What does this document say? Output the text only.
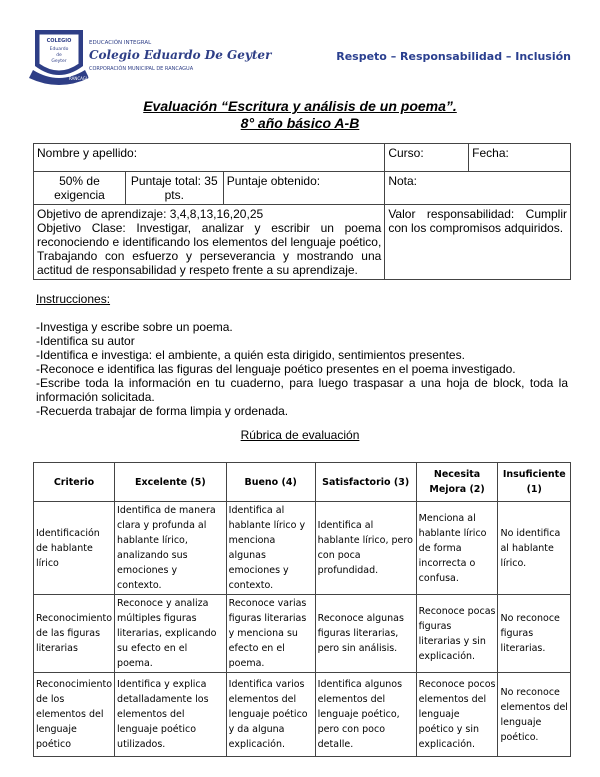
COLEGIO
Eduardo
de
Geyter
RANCAGUA
EDUCACIÓN INTEGRAL
Colegio Eduardo De Geyter
CORPORACIÓN MUNICIPAL DE RANCAGUA
Respeto – Responsabilidad – Inclusión
Evaluación “Escritura y análisis de un poema”.
8° año básico A-B
Nombre y apellido:			Curso:	Fecha:
50% de exigencia	Puntaje total: 35 pts.	Puntaje obtenido:	Nota:	

Objetivo de aprendizaje: 3,4,8,13,16,20,25
Objetivo Clase: Investigar, analizar y escribir un poema reconociendo e identificando los elementos del lenguaje poético, Trabajando con esfuerzo y perseverancia y mostrando una actitud de responsabilidad y respeto frente a su aprendizaje.			Valor responsabilidad: Cumplir con los compromisos adquiridos.	
Instrucciones:

-Investiga y escribe sobre un poema.

-Identifica su autor

-Identifica e investiga: el ambiente, a quién esta dirigido, sentimientos presentes.

-Reconoce e identifica las figuras del lenguaje poético presentes en el poema investigado.

-Escribe toda la información en tu cuaderno, para luego traspasar a una hoja de block, toda la información solicitada.

-Recuerda trabajar de forma limpia y ordenada.

Rúbrica de evaluación
Criterio	Excelente (5)	Bueno (4)	Satisfactorio (3)	Necesita Mejora (2)	Insuficiente (1)
Identificación de hablante lírico	Identifica de manera clara y profunda al hablante lírico, analizando sus emociones y contexto.	Identifica al hablante lírico y menciona algunas emociones y contexto.	Identifica al hablante lírico, pero con poca profundidad.	Menciona al hablante lírico de forma incorrecta o confusa.	No identifica al hablante lírico.
Reconocimiento de las figuras literarias	Reconoce y analiza múltiples figuras literarias, explicando su efecto en el poema.	Reconoce varias figuras literarias y menciona su efecto en el poema.	Reconoce algunas figuras literarias, pero sin análisis.	Reconoce pocas figuras literarias y sin explicación.	No reconoce figuras literarias.
Reconocimiento de los elementos del lenguaje poético	Identifica y explica detalladamente los elementos del lenguaje poético utilizados.	Identifica varios elementos del lenguaje poético y da alguna explicación.	Identifica algunos elementos del lenguaje poético, pero con poco detalle.	Reconoce pocos elementos del lenguaje poético y sin explicación.	No reconoce elementos del lenguaje poético.
